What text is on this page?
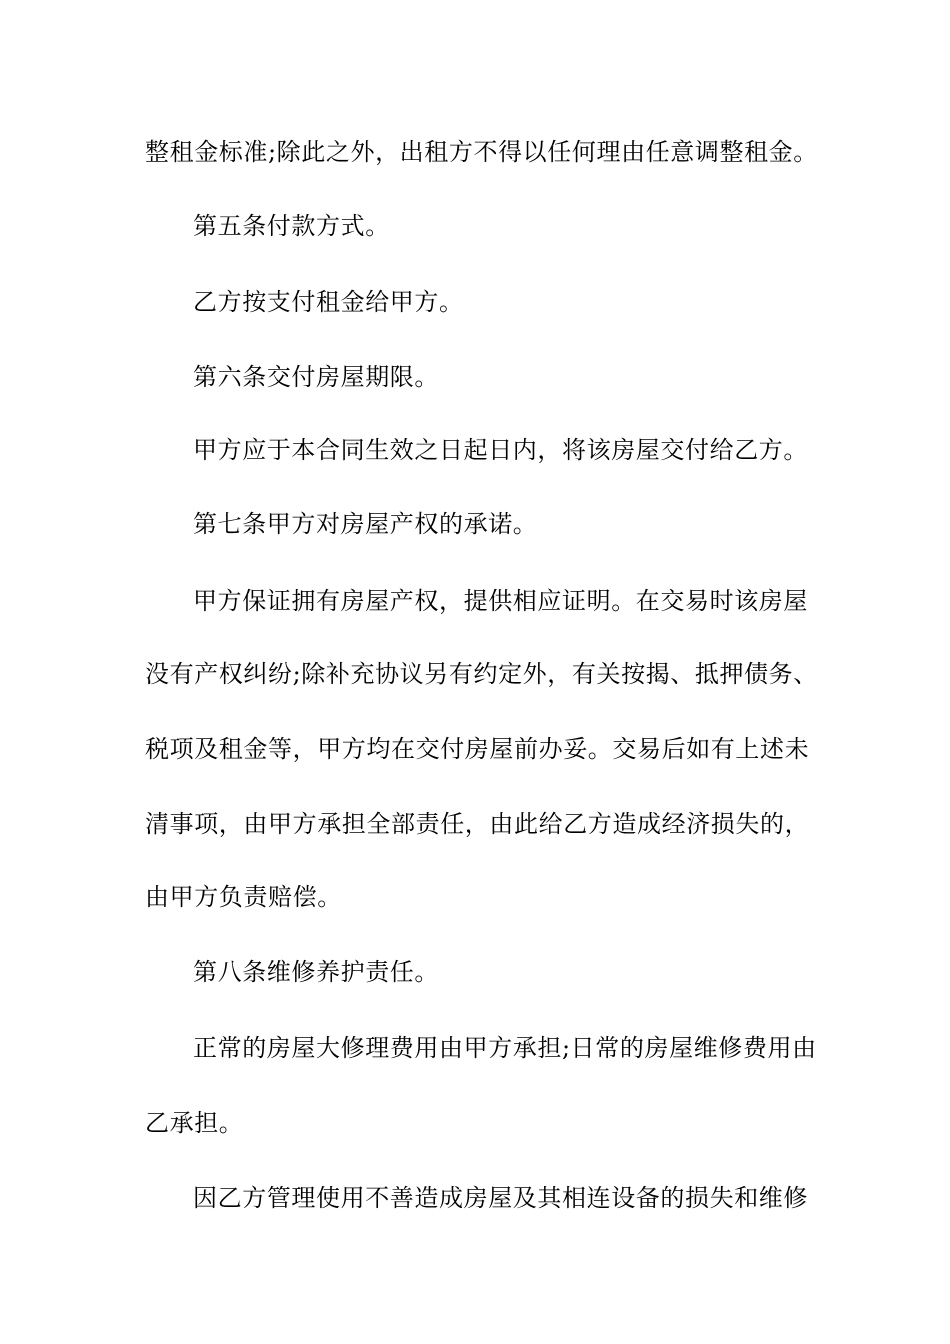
整租金标准;除此之外，出租方不得以任何理由任意调整租金。
第五条付款方式。
乙方按支付租金给甲方。
第六条交付房屋期限。
甲方应于本合同生效之日起日内，将该房屋交付给乙方。
第七条甲方对房屋产权的承诺。
甲方保证拥有房屋产权，提供相应证明。在交易时该房屋
没有产权纠纷;除补充协议另有约定外，有关按揭、抵押债务、
税项及租金等，甲方均在交付房屋前办妥。交易后如有上述未
清事项，由甲方承担全部责任，由此给乙方造成经济损失的，
由甲方负责赔偿。
第八条维修养护责任。
正常的房屋大修理费用由甲方承担;日常的房屋维修费用由
乙承担。
因乙方管理使用不善造成房屋及其相连设备的损失和维修
